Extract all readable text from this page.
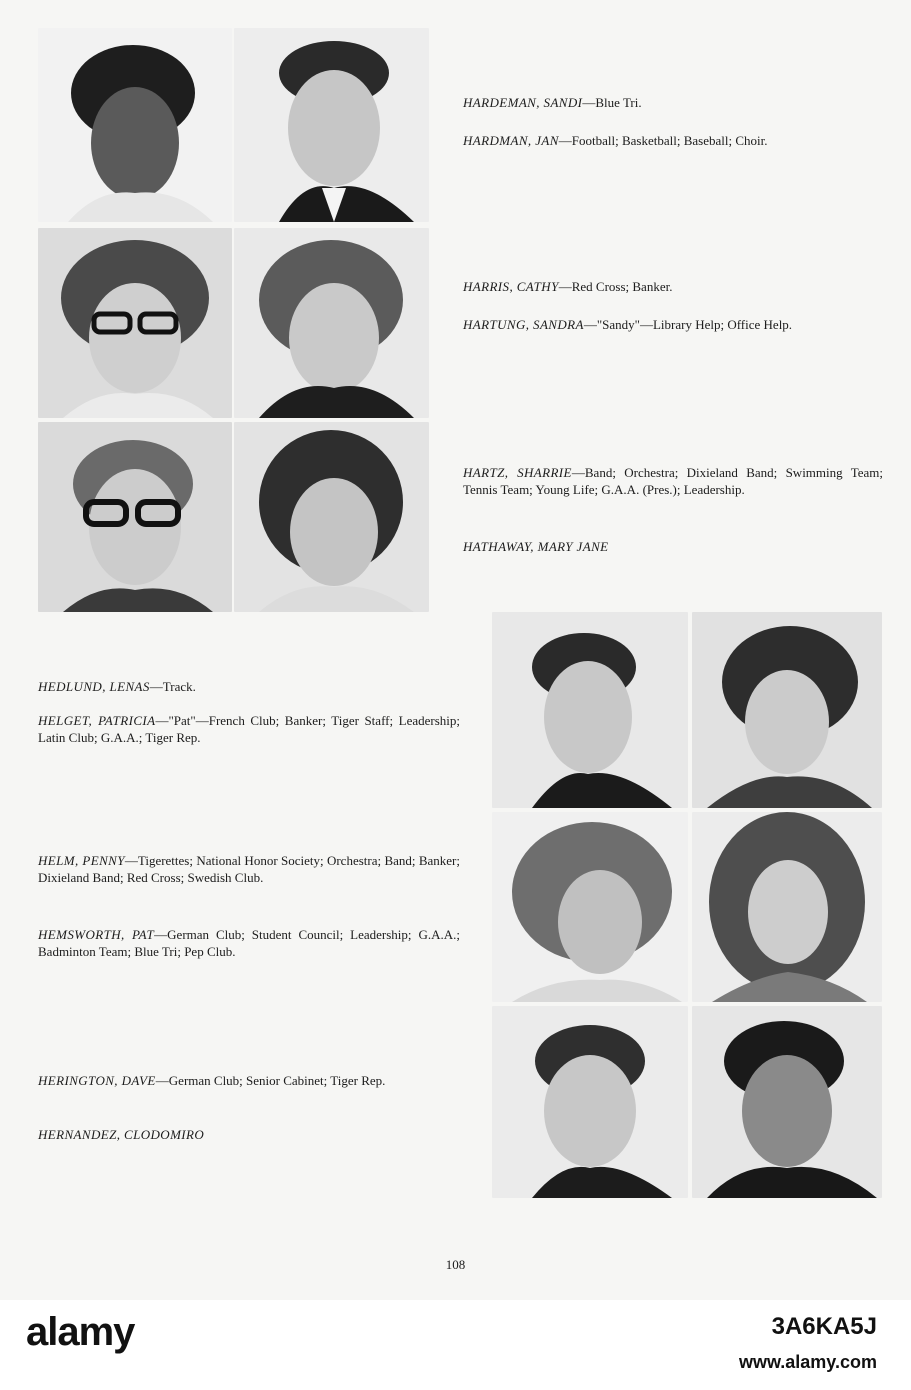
HARDEMAN, SANDI—Blue Tri.
HARDMAN, JAN—Football; Basketball; Baseball; Choir.
HARRIS, CATHY—Red Cross; Banker.
HARTUNG, SANDRA—"Sandy"—Library Help; Office Help.
HARTZ, SHARRIE—Band; Orchestra; Dixieland Band; Swimming Team; Tennis Team; Young Life; G.A.A. (Pres.); Leadership.
HATHAWAY, MARY JANE
HEDLUND, LENAS—Track.
HELGET, PATRICIA—"Pat"—French Club; Banker; Tiger Staff; Leadership; Latin Club; G.A.A.; Tiger Rep.
HELM, PENNY—Tigerettes; National Honor Society; Orchestra; Band; Banker; Dixieland Band; Red Cross; Swedish Club.
HEMSWORTH, PAT—German Club; Student Council; Leadership; G.A.A.; Badminton Team; Blue Tri; Pep Club.
HERINGTON, DAVE—German Club; Senior Cabinet; Tiger Rep.
HERNANDEZ, CLODOMIRO
108
alamy	3A6KA5J
www.alamy.com
